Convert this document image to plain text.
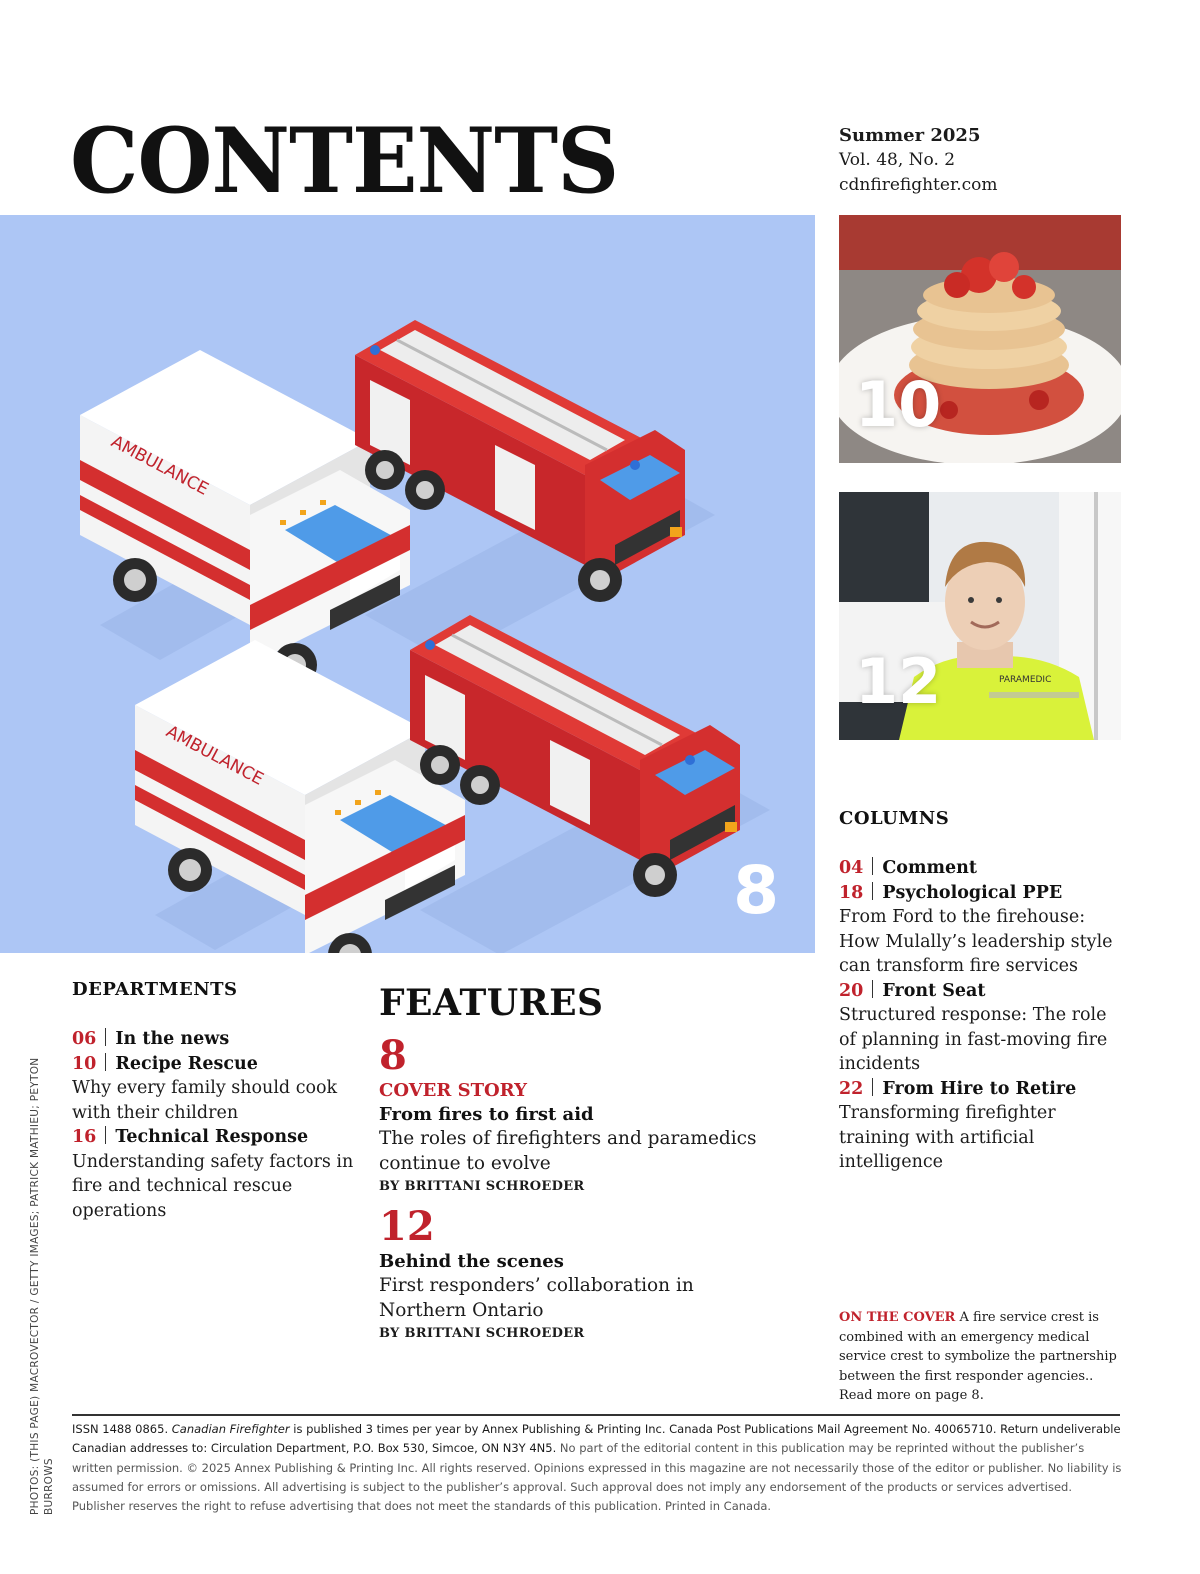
CONTENTS	Summer 2025
Vol. 48, No. 2
cdnfirefighter.com
AMBULANCE
AMBULANCE
8
10
PARAMEDIC
12
COLUMNS
04 Comment
18 Psychological PPE
From Ford to the firehouse: How Mulally’s leadership style can transform fire services
20 Front Seat
Structured response: The role of planning in fast-moving fire incidents
22 From Hire to Retire
Transforming firefighter training with artificial intelligence
DEPARTMENTS
06 In the news
10 Recipe Rescue
Why every family should cook with their children
16 Technical Response
Understanding safety factors in fire and technical rescue operations
FEATURES
8
COVER STORY
From fires to first aid
The roles of firefighters and paramedics continue to evolve
BY BRITTANI SCHROEDER
12
Behind the scenes
First responders’ collaboration in Northern Ontario
BY BRITTANI SCHROEDER
ON THE COVER A fire service crest is combined with an emergency medical service crest to symbolize the partnership between the first responder agencies.. Read more on page 8.
PHOTOS: (THIS PAGE) MACROVECTOR / GETTY IMAGES; PATRICK MATHIEU; PEYTON BURROWS
ISSN 1488 0865. Canadian Firefighter is published 3 times per year by Annex Publishing & Printing Inc. Canada Post Publications Mail Agreement No. 40065710. Return undeliverable Canadian addresses to: Circulation Department, P.O. Box 530, Simcoe, ON N3Y 4N5. No part of the editorial content in this publication may be reprinted without the publisher’s written permission. © 2025 Annex Publishing & Printing Inc. All rights reserved. Opinions expressed in this magazine are not necessarily those of the editor or publisher. No liability is assumed for errors or omissions. All advertising is subject to the publisher’s approval. Such approval does not imply any endorsement of the products or services advertised. Publisher reserves the right to refuse advertising that does not meet the standards of this publication. Printed in Canada.
